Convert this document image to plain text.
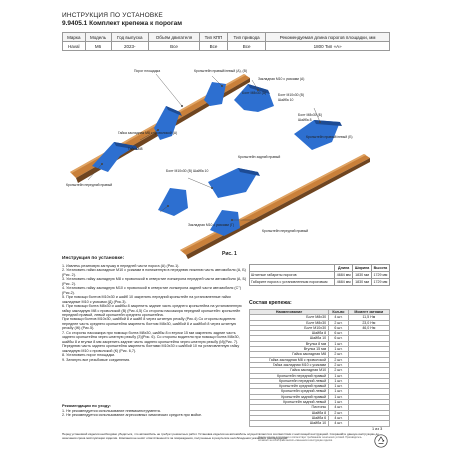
ИНСТРУКЦИЯ ПО УСТАНОВКЕ
9.9405.1 Комплект крепежа к порогам
Марка	Модель	Год выпуска	Объём двигателя	Тип КПП	Тип привода	Рекомендуемая длина порогов площадки, мм
Haval	M6	2023-	Все	Все	Все	1800 Тип «А»
Порог площадка	Кронштейн правый/левый (А), (В)
Закладная М10 с усиками (А)
Болт М8х30 (А)	Болт М10х30 (В)
Шайба 10
Гайка закладная М8 с проволокой (А)
Гайка М8
Кронштейн передний правый
Болт М8х30 (Б)
Шайба 8
Кронштейн правый/левый (Б)
Болт М10х30 (В) Шайба 10
Кронштейн задний правый
Закладная М10 с усиками (Г)
Кронштейн передний правый
Рис. 1
Инструкция по установке:

1. Извлечь резиновую заглушку в передней части порога (А) (Рис.1).

2. Установить гайки закладные М10 с усиками в пониженную в переднюю нижнюю часть автомобиля (А, Б) (Рис. 2).

3. Установить гайку закладную М8 с проволокой в отверстие лонжерона передней части автомобиля (А, Б) (Рис. 2).

4. Установить гайку закладную М10 с проволокой в отверстие лонжерона задней части автомобиля (С°) (Рис.2).

5. При помощи болтов М10х30 и шайб 10 закрепить передний кронштейн на установленные гайки закладные М10 с усиками (Д) (Рис.3).

6. При помощи болта М8х30 и шайбы 8 закрепить задние часть среднего кронштейна на установленную гайку закладную М8 с проволокой (В) (Рис.4,5) Со стороны пассажира передний кронштейн: кронштейн передний правый, левый кронштейн среднего кронштейна.

При помощи болтов М10х30, шайбой 8 и шайб 8 через штатную резьбу (Рис.4) Со стороны водителя переднее часть среднего кронштейна закрепить болтом М8х30, шайбой 8 и шайбой 8 через штатную резьбу (Ж) (Рис.5).

7. Со стороны пассажира при помощи болта М8х30, шайбы 8 и втулки 15 мм закрепить задние часть заднего кронштейна через штатную резьбу (З)(Рис. 6). Со стороны водителя при помощи болта М8х30, шайбы 8 и втулки 8 мм закрепить задние часть заднего кронштейна через штатную резьбу (И)(Рис. 7). Переднюю часть заднего кронштейна закрепить болтами М10х30 с шайбой 10 на установленную гайку закладную М10 с проволокой (К) (Рис. 6,7).

8. Установить порог площадки.

9. Затянуть все резьбовые соединения.

Рекомендации по уходу:

1. Не рекомендуется использование пневмоинструмента.

2. Не рекомендуется использование агрессивных химических средств при мойке.

	Длина	Ширина	Высота
Штатные габариты порогов	4684 мм	1830 мм	1729 мм
Габарите порога с установленным пороговым	4684 мм	1830 мм	1729 мм
Состав крепежа:
Наименование	Кол-во	Момент затяжки
Болт М8х30	4 шт.	11,5 Нм
Болт М8х30	2 шт.	23,0 Нм
Болт М10х30	6 шт.	46,0 Нм
Шайба 8	6 шт.	
Шайба 10	6 шт.	
Втулка 8 мм	1 шт.	
Втулка 15 мм	1 шт.	
Гайка закладная М8	2 шт.	
Гайка закладная М8 с проволокой	2 шт.	
Гайка закладная М10 с усиками	2 шт.	
Гайка закладная М10	2 шт.	
Кронштейн передний правый	1 шт.	
Кронштейн передний левый	1 шт.	
Кронштейн средний правый	1 шт.	
Кронштейн средний левый	1 шт.	
Кронштейн задний правый	1 шт.	
Кронштейн задний левый	1 шт.	
Пистоны	4 шт.	
Шайба 8	2 шт.	
Шайба 6	4 шт.	
Шайба 10	4 шт.	
1 из 3

Перед установкой изделия необходимо убедиться, что автомобиль не требует ремонтных работ. Установка изделия на автомобиль осуществляется в соответствии с настоящей инструкцией. Сохраняйте данную инструкцию до окончания срока эксплуатации изделия. Компания не несёт ответственности за повреждения, полученные в результате несоблюдения указанных рекомендаций.

Данное изделие изготовлено и соответствует требованиям технических условий. Производитель оставляет за собой право вносить изменения в конструкцию изделия.
